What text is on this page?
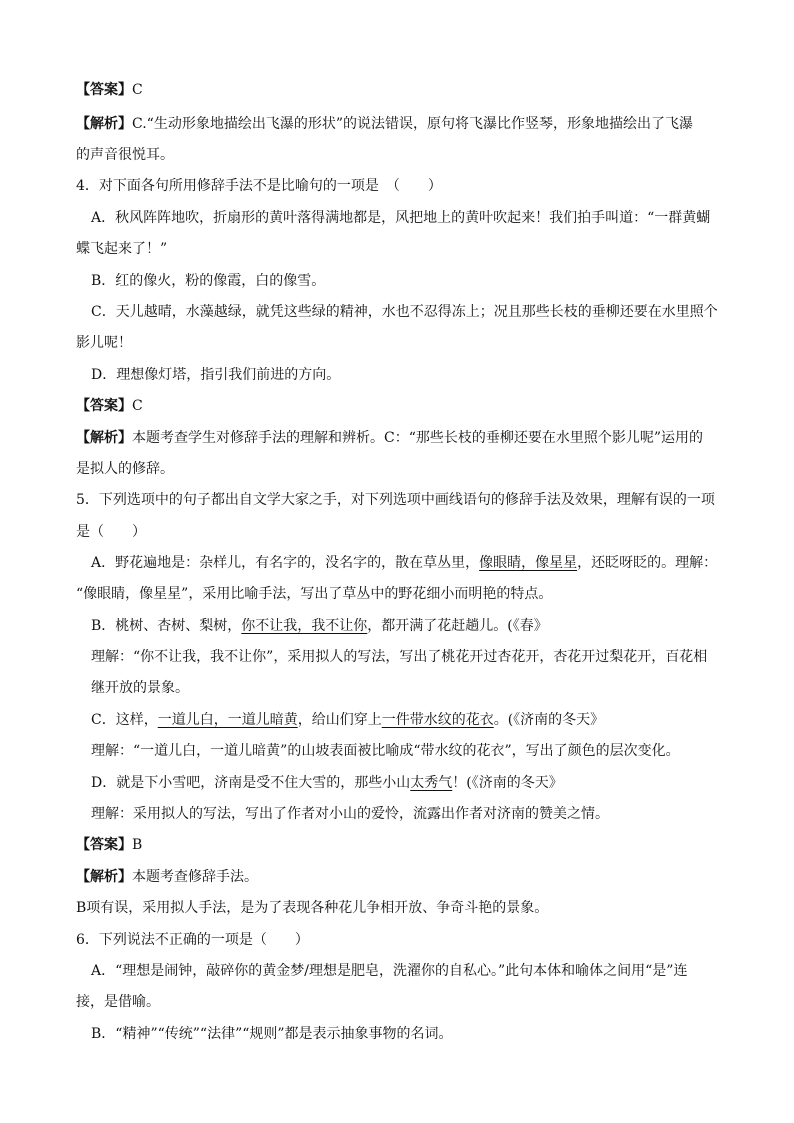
【答案】C
【解析】C.“生动形象地描绘出飞瀑的形状”的说法错误，原句将飞瀑比作竖琴，形象地描绘出了飞瀑
的声音很悦耳。
4．对下面各句所用修辞手法不是比喻句的一项是　（　　）
A．秋风阵阵地吹，折扇形的黄叶落得满地都是，风把地上的黄叶吹起来！我们拍手叫道：“一群黄蝴
蝶飞起来了！”
B．红的像火，粉的像霞，白的像雪。
C．天儿越晴，水藻越绿，就凭这些绿的精神，水也不忍得冻上；况且那些长枝的垂柳还要在水里照个
影儿呢！
D．理想像灯塔，指引我们前进的方向。
【答案】C
【解析】本题考查学生对修辞手法的理解和辨析。C：“那些长枝的垂柳还要在水里照个影儿呢”运用的
是拟人的修辞。
5．下列选项中的句子都出自文学大家之手，对下列选项中画线语句的修辞手法及效果，理解有误的一项
是（　　）
A．野花遍地是：杂样儿，有名字的，没名字的，散在草丛里，像眼睛，像星星，还眨呀眨的。理解：
“像眼睛，像星星”，采用比喻手法，写出了草丛中的野花细小而明艳的特点。
B．桃树、杏树、梨树，你不让我，我不让你，都开满了花赶趟儿。(《春》
理解：“你不让我，我不让你”，采用拟人的写法，写出了桃花开过杏花开，杏花开过梨花开，百花相
继开放的景象。
C．这样，一道儿白，一道儿暗黄，给山们穿上一件带水纹的花衣。(《济南的冬天》
理解：“一道儿白，一道儿暗黄”的山坡表面被比喻成“带水纹的花衣”，写出了颜色的层次变化。
D．就是下小雪吧，济南是受不住大雪的，那些小山太秀气！(《济南的冬天》
理解：采用拟人的写法，写出了作者对小山的爱怜，流露出作者对济南的赞美之情。
【答案】B
【解析】本题考查修辞手法。
B项有误，采用拟人手法，是为了表现各种花儿争相开放、争奇斗艳的景象。
6．下列说法不正确的一项是（　　）
A．“理想是闹钟，敲碎你的黄金梦/理想是肥皂，洗濯你的自私心。”此句本体和喻体之间用“是”连
接，是借喻。
B．“精神”“传统”“法律”“规则”都是表示抽象事物的名词。
